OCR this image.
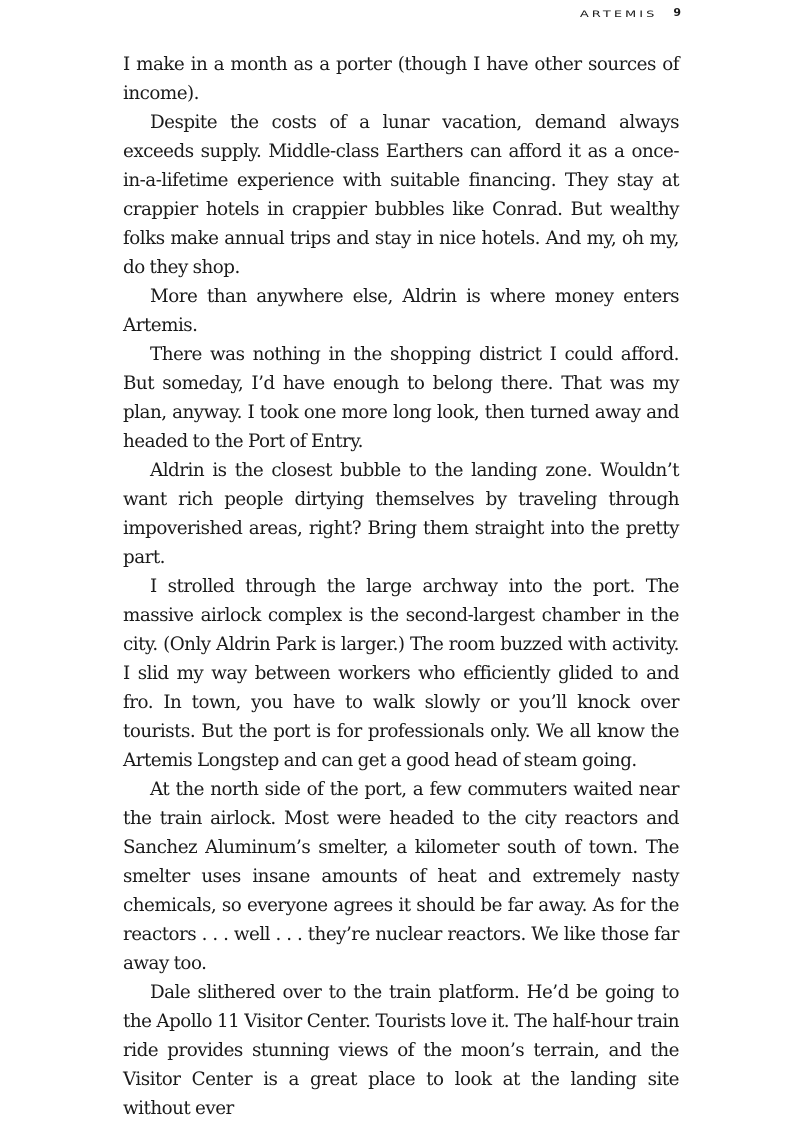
ARTEMIS 9

I make in a month as a porter (though I have other sources of income).

Despite the costs of a lunar vacation, demand always exceeds supply. Middle-class Earthers can afford it as a once-in-a-lifetime experience with suitable financing. They stay at crappier hotels in crappier bubbles like Conrad. But wealthy folks make annual trips and stay in nice hotels. And my, oh my, do they shop.

More than anywhere else, Aldrin is where money enters Artemis.

There was nothing in the shopping district I could afford. But someday, I’d have enough to belong there. That was my plan, anyway. I took one more long look, then turned away and headed to the Port of Entry.

Aldrin is the closest bubble to the landing zone. Wouldn’t want rich people dirtying themselves by traveling through impoverished areas, right? Bring them straight into the pretty part.

I strolled through the large archway into the port. The massive airlock complex is the second-largest chamber in the city. (Only Aldrin Park is larger.) The room buzzed with activity. I slid my way between workers who efficiently glided to and fro. In town, you have to walk slowly or you’ll knock over tourists. But the port is for professionals only. We all know the Artemis Longstep and can get a good head of steam going.

At the north side of the port, a few commuters waited near the train airlock. Most were headed to the city reactors and Sanchez Aluminum’s smelter, a kilometer south of town. The smelter uses insane amounts of heat and extremely nasty chemicals, so everyone agrees it should be far away. As for the reactors . . . well . . . they’re nuclear reactors. We like those far away too.

Dale slithered over to the train platform. He’d be going to the Apollo 11 Visitor Center. Tourists love it. The half-hour train ride provides stunning views of the moon’s terrain, and the Visitor Center is a great place to look at the landing site without ever
